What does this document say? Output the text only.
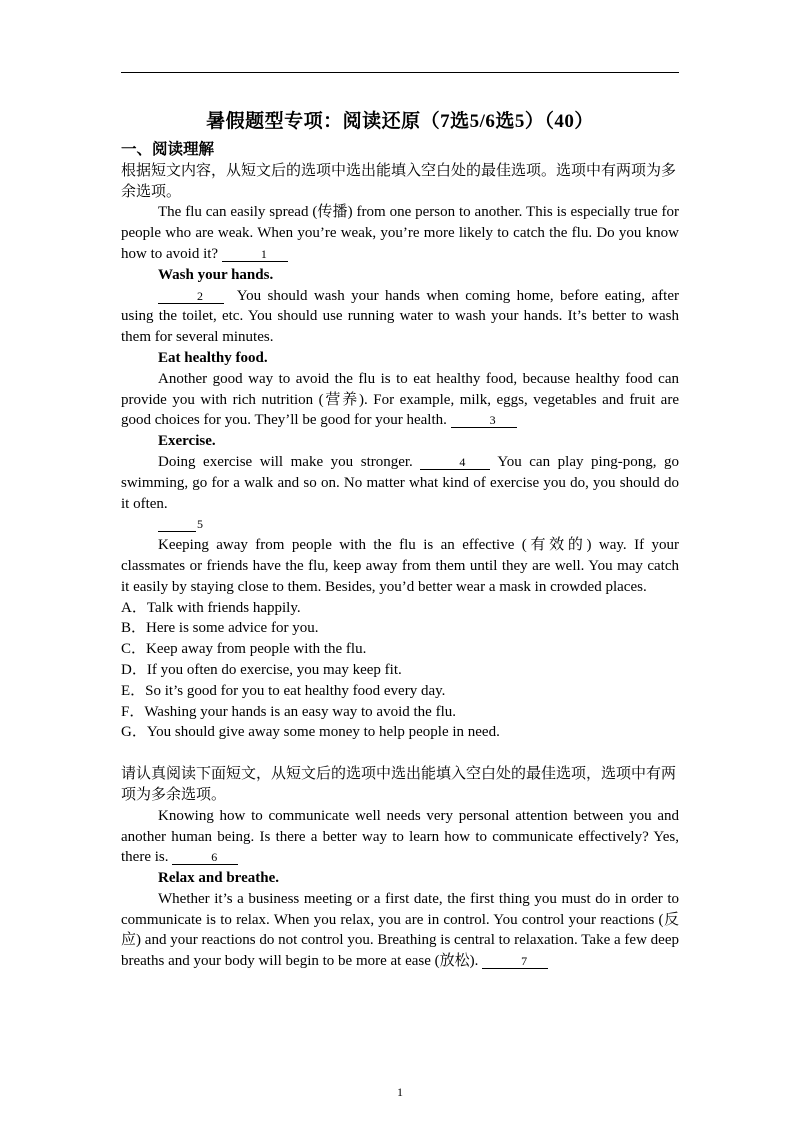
暑假题型专项：阅读还原（7选5/6选5）（40）
一、阅读理解

根据短文内容，从短文后的选项中选出能填入空白处的最佳选项。选项中有两项为多余选项。

The flu can easily spread (传播) from one person to another. This is especially true for people who are weak. When you’re weak, you’re more likely to catch the flu. Do you know how to avoid it?	1

Wash your hands.

2 You should wash your hands when coming home, before eating, after using the toilet, etc. You should use running water to wash your hands. It’s better to wash them for several minutes.

Eat healthy food.

Another good way to avoid the flu is to eat healthy food, because healthy food can provide you with rich nutrition (营养). For example, milk, eggs, vegetables and fruit are good choices for you. They’ll be good for your health.	3

Exercise.

Doing exercise will make you stronger.	4 You can play ping-pong, go swimming, go for a walk and so on. No matter what kind of exercise you do, you should do it often.

5

Keeping away from people with the flu is an effective (有效的) way. If your classmates or friends have the flu, keep away from them until they are well. You may catch it easily by staying close to them. Besides, you’d better wear a mask in crowded places.

A．Talk with friends happily.

B．Here is some advice for you.

C．Keep away from people with the flu.

D．If you often do exercise, you may keep fit.

E．So it’s good for you to eat healthy food every day.

F．Washing your hands is an easy way to avoid the flu.

G．You should give away some money to help people in need.

请认真阅读下面短文，从短文后的选项中选出能填入空白处的最佳选项，选项中有两项为多余选项。

Knowing how to communicate well needs very personal attention between you and another human being. Is there a better way to learn how to communicate effectively? Yes, there is.	6

Relax and breathe.

Whether it’s a business meeting or a first date, the first thing you must do in order to communicate is to relax. When you relax, you are in control. You control your reactions (反应) and your reactions do not control you. Breathing is central to relaxation. Take a few deep breaths and your body will begin to be more at ease (放松).	7

1
